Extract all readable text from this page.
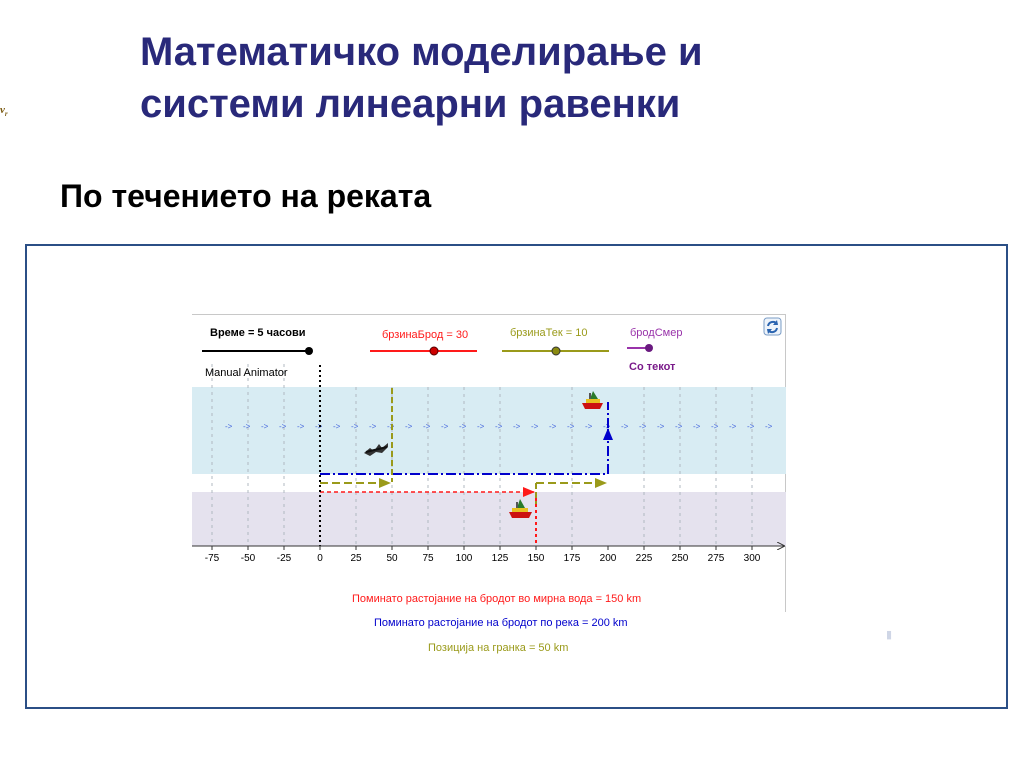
Математичко моделирање и
системи линеарни равенки
$v_r$
По течението на реката
Време = 5 часови	брзинаБрод = 30	брзинаТек = 10	бродСмер
Со текот
Manual Animator
-> -> -> -> -> -> -> -> -> -> -> -> -> -> -> -> -> -> -> -> -> -> -> -> -> -> -> -> -> -> ->
-75 -50 -25	0	25 50 75 100 125 150 175 200 225 250 275 300
Поминато растојание на бродот во мирна вода = 150 km
Поминато растојание на бродот по река = 200 km
Позиција на гранка = 50 km
▮
